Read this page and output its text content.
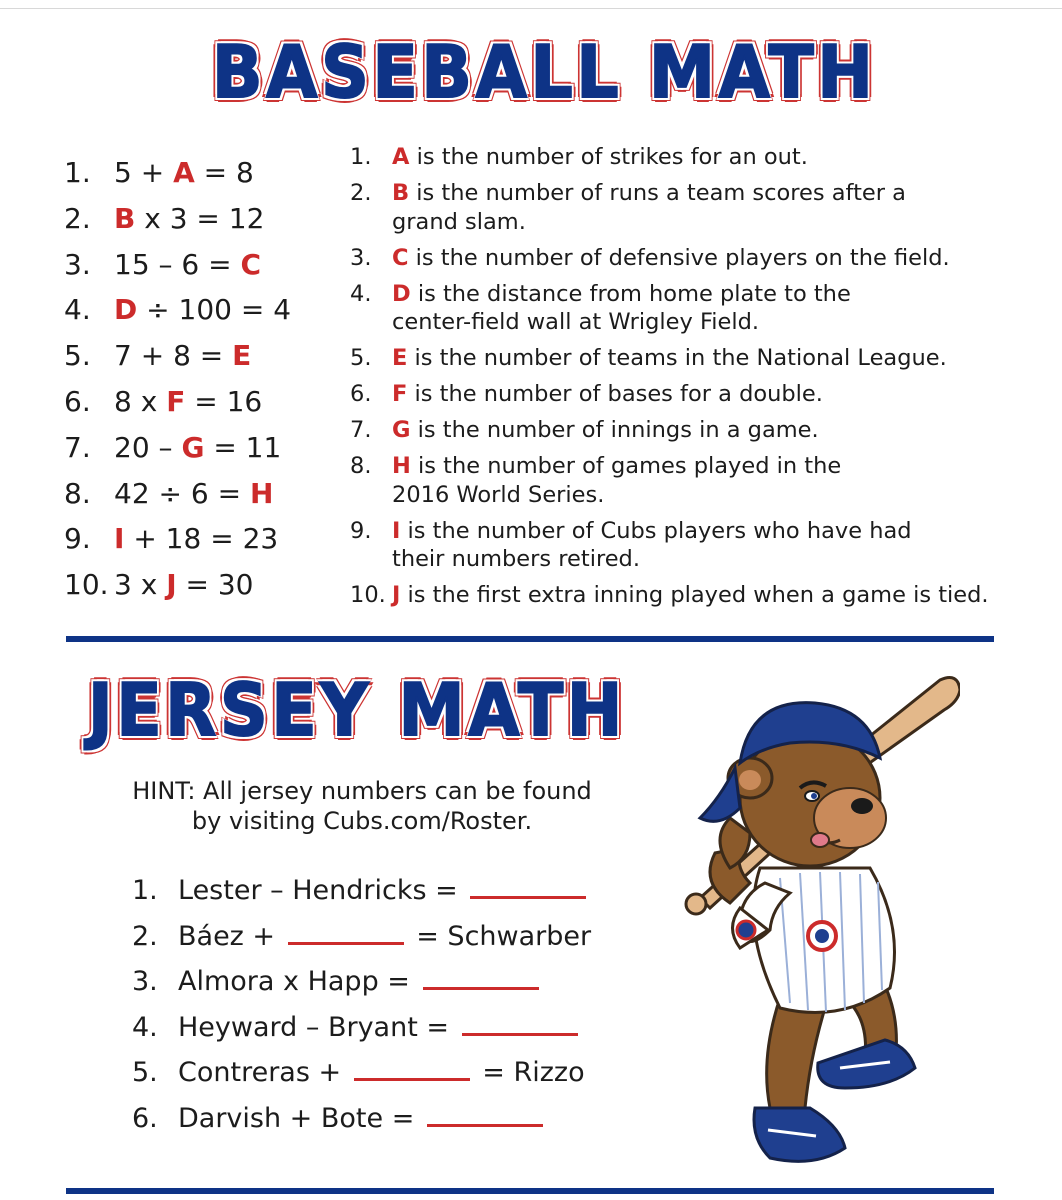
BASEBALL MATH
1. 5 + A = 8
2. B x 3 = 12
3. 15 – 6 = C
4. D ÷ 100 = 4
5. 7 + 8 = E
6. 8 x F = 16
7. 20 – G = 11
8. 42 ÷ 6 = H
9. I + 18 = 23
10. 3 x J = 30
1. A is the number of strikes for an out.
2. B is the number of runs a team scores after a
grand slam.
3. C is the number of defensive players on the field.
4. D is the distance from home plate to the
center-field wall at Wrigley Field.
5. E is the number of teams in the National League.
6. F is the number of bases for a double.
7. G is the number of innings in a game.
8. H is the number of games played in the
2016 World Series.
9. I is the number of Cubs players who have had
their numbers retired.
10. J is the first extra inning played when a game is tied.
JERSEY MATH
HINT: All jersey numbers can be found
by visiting Cubs.com/Roster.
1. Lester – Hendricks =
2. Báez +	= Schwarber
3. Almora x Happ =
4. Heyward – Bryant =
5. Contreras +	= Rizzo
6. Darvish + Bote =
